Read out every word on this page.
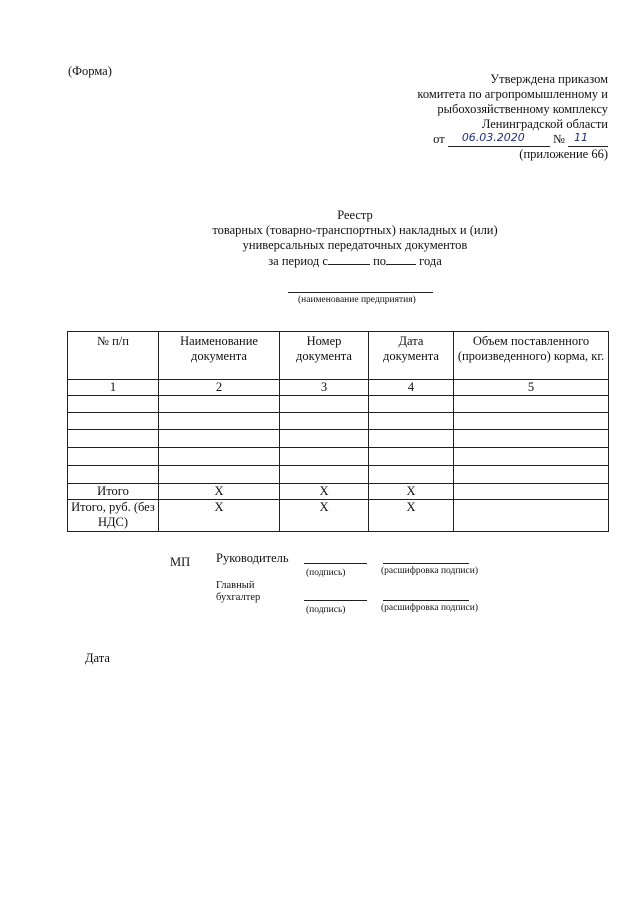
(Форма)
Утверждена приказом
комитета по агропромышленному и
рыбохозяйственному комплексу
Ленинградской области
от 06.03.2020 № 11
(приложение 66)
Реестр
товарных (товарно-транспортных) накладных и (или)
универсальных передаточных документов
за период с	по	года
(наименование предприятия)
№ п/п	Наименование документа	Номер документа	Дата документа	Объем поставленного (произведенного) корма, кг.
1	2	3	4	5

Итого	X	X	X	
Итого, руб. (без НДС)	X	X	X	
МП Руководитель
(подпись)	(расшифровка подписи)
Главный
бухгалтер
(подпись)	(расшифровка подписи)
Дата
